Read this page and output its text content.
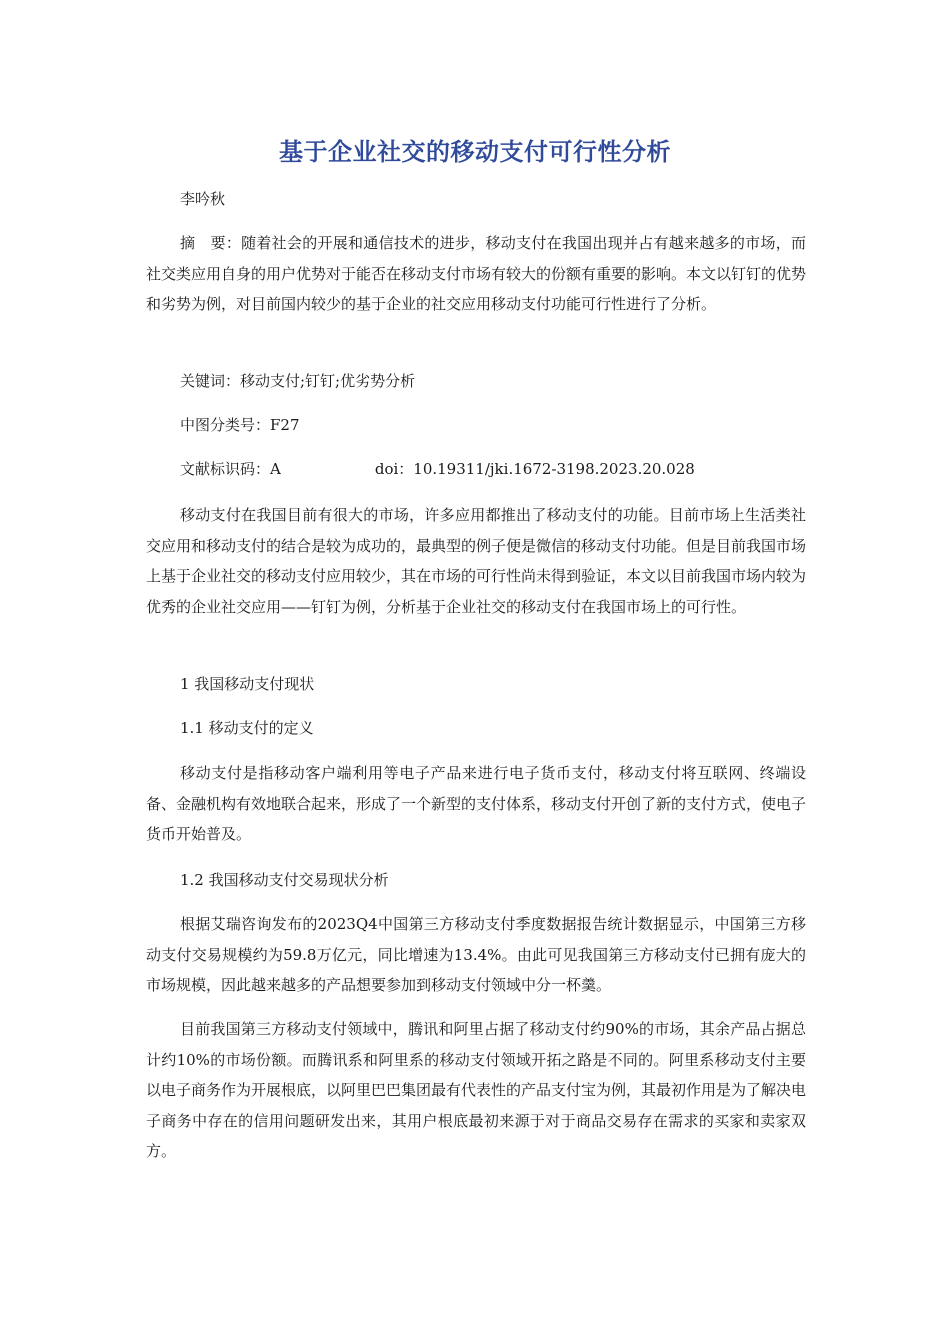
基于企业社交的移动支付可行性分析
李吟秋
摘　要：随着社会的开展和通信技术的进步，移动支付在我国出现并占有越来越多的市场，而社交类应用自身的用户优势对于能否在移动支付市场有较大的份额有重要的影响。本文以钉钉的优势和劣势为例，对目前国内较少的基于企业的社交应用移动支付功能可行性进行了分析。
关键词：移动支付;钉钉;优劣势分析
中图分类号：F27
文献标识码：A	doi：10.19311/jki.1672-3198.2023.20.028
移动支付在我国目前有很大的市场，许多应用都推出了移动支付的功能。目前市场上生活类社交应用和移动支付的结合是较为成功的，最典型的例子便是微信的移动支付功能。但是目前我国市场上基于企业社交的移动支付应用较少，其在市场的可行性尚未得到验证，本文以目前我国市场内较为优秀的企业社交应用——钉钉为例，分析基于企业社交的移动支付在我国市场上的可行性。
1 我国移动支付现状
1.1 移动支付的定义
移动支付是指移动客户端利用等电子产品来进行电子货币支付，移动支付将互联网、终端设备、金融机构有效地联合起来，形成了一个新型的支付体系，移动支付开创了新的支付方式，使电子货币开始普及。
1.2 我国移动支付交易现状分析
根据艾瑞咨询发布的2023Q4中国第三方移动支付季度数据报告统计数据显示，中国第三方移动支付交易规模约为59.8万亿元，同比增速为13.4%。由此可见我国第三方移动支付已拥有庞大的市场规模，因此越来越多的产品想要参加到移动支付领域中分一杯羹。
目前我国第三方移动支付领域中，腾讯和阿里占据了移动支付约90%的市场，其余产品占据总计约10%的市场份额。而腾讯系和阿里系的移动支付领域开拓之路是不同的。阿里系移动支付主要以电子商务作为开展根底，以阿里巴巴集团最有代表性的产品支付宝为例，其最初作用是为了解决电子商务中存在的信用问题研发出来，其用户根底最初来源于对于商品交易存在需求的买家和卖家双方。
